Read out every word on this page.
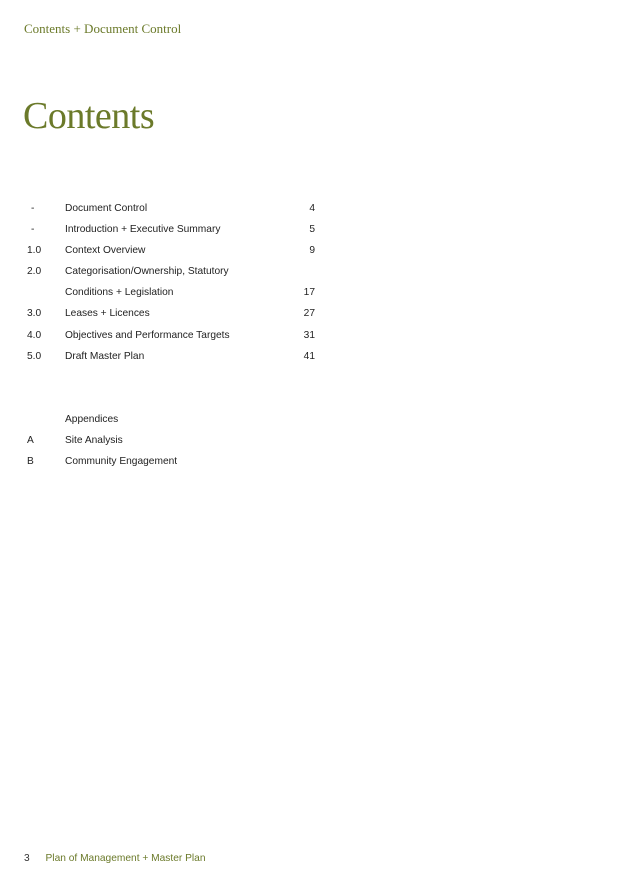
Contents + Document Control
Contents
-	Document Control	4
-	Introduction + Executive Summary	5
1.0	Context Overview	9
2.0	Categorisation/Ownership, Statutory
Conditions + Legislation	17
3.0	Leases + Licences	27
4.0	Objectives and Performance Targets	31
5.0	Draft Master Plan	41
Appendices
A	Site Analysis
B	Community Engagement
3 Plan of Management + Master Plan
